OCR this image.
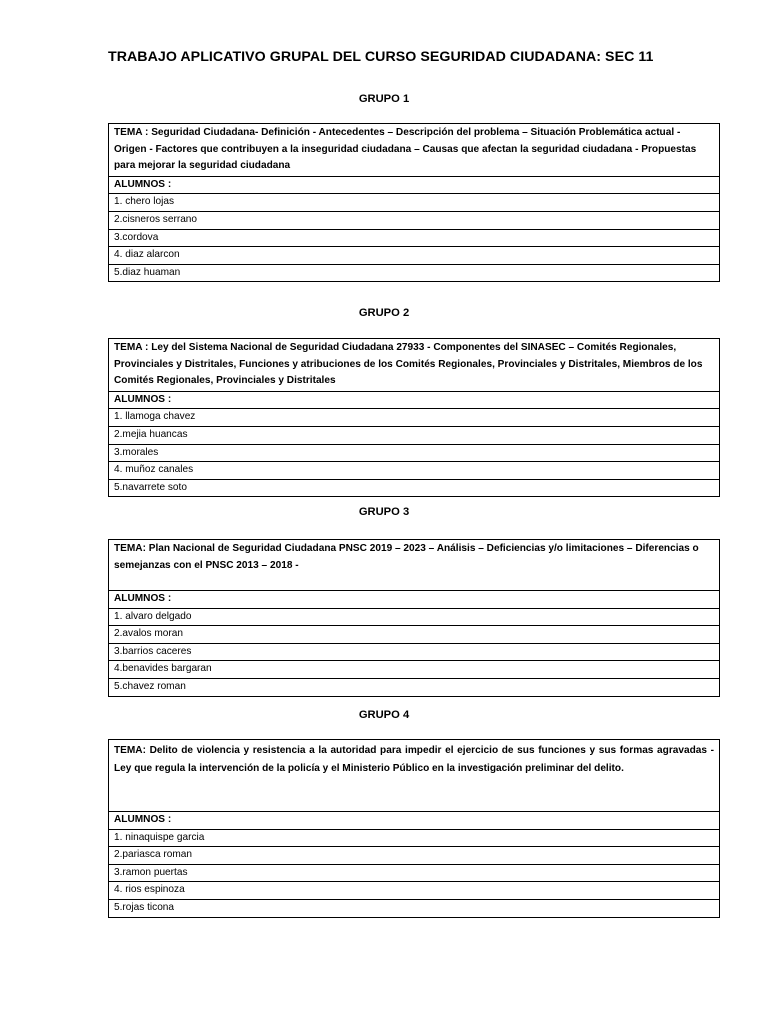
TRABAJO APLICATIVO GRUPAL DEL CURSO SEGURIDAD CIUDADANA: SEC 11
GRUPO 1
TEMA : Seguridad Ciudadana- Definición - Antecedentes – Descripción del problema – Situación Problemática actual - Origen - Factores que contribuyen a la inseguridad ciudadana – Causas que afectan la seguridad ciudadana - Propuestas para mejorar la seguridad ciudadana
ALUMNOS :
1. chero lojas
2.cisneros serrano
3.cordova
4. diaz alarcon
5.diaz huaman
GRUPO 2
TEMA : Ley del Sistema Nacional de Seguridad Ciudadana 27933 - Componentes del SINASEC – Comités Regionales, Provinciales y Distritales, Funciones y atribuciones de los Comités Regionales, Provinciales y Distritales, Miembros de los Comités Regionales, Provinciales y Distritales
ALUMNOS :
1. llamoga chavez
2.mejia huancas
3.morales
4. muñoz canales
5.navarrete soto
GRUPO 3
TEMA: Plan Nacional de Seguridad Ciudadana PNSC 2019 – 2023 – Análisis – Deficiencias y/o limitaciones – Diferencias o semejanzas con el PNSC 2013 – 2018 -
ALUMNOS :
1. alvaro delgado
2.avalos moran
3.barrios caceres
4.benavides bargaran
5.chavez roman
GRUPO 4
TEMA: Delito de violencia y resistencia a la autoridad para impedir el ejercicio de sus funciones y sus formas agravadas - Ley que regula la intervención de la policía y el Ministerio Público en la investigación preliminar del delito.
ALUMNOS :
1. ninaquispe garcia
2.pariasca roman
3.ramon puertas
4. rios espinoza
5.rojas ticona
